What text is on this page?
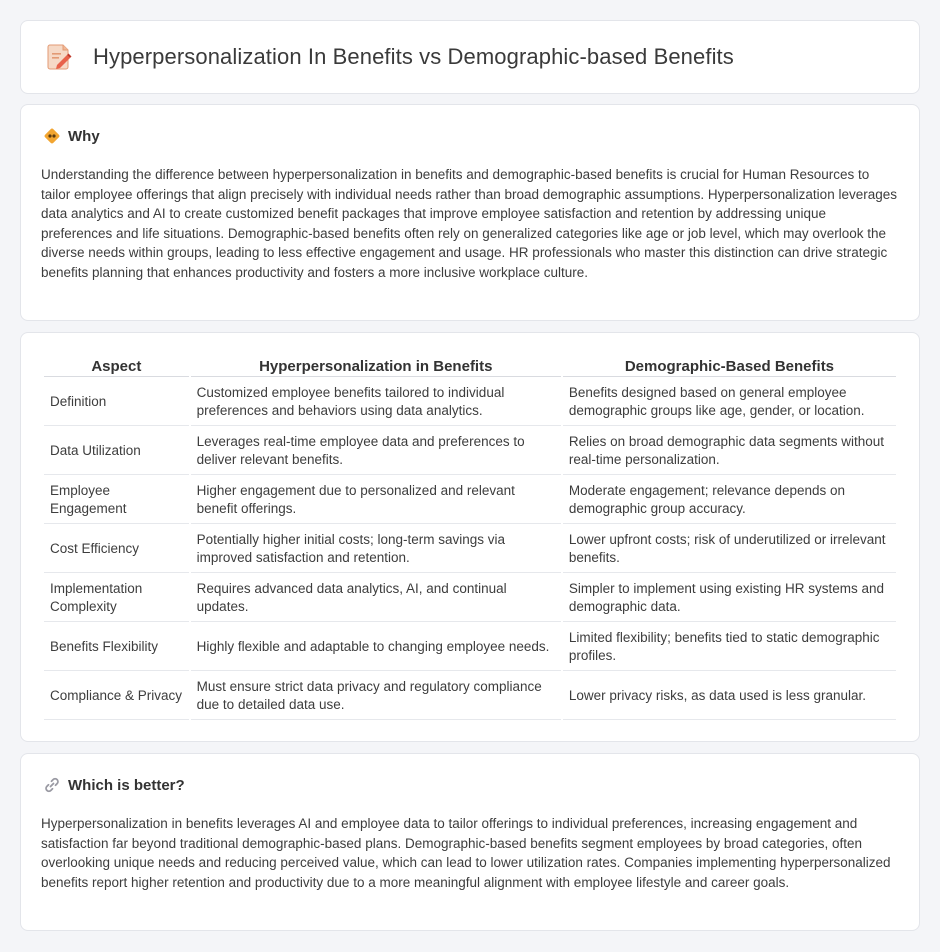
Hyperpersonalization In Benefits vs Demographic-based Benefits
Why

Understanding the difference between hyperpersonalization in benefits and demographic-based benefits is crucial for Human Resources to tailor employee offerings that align precisely with individual needs rather than broad demographic assumptions. Hyperpersonalization leverages data analytics and AI to create customized benefit packages that improve employee satisfaction and retention by addressing unique preferences and life situations. Demographic-based benefits often rely on generalized categories like age or job level, which may overlook the diverse needs within groups, leading to less effective engagement and usage. HR professionals who master this distinction can drive strategic benefits planning that enhances productivity and fosters a more inclusive workplace culture.

Aspect	Hyperpersonalization in Benefits	Demographic-Based Benefits
Definition	Customized employee benefits tailored to individual preferences and behaviors using data analytics.	Benefits designed based on general employee demographic groups like age, gender, or location.
Data Utilization	Leverages real-time employee data and preferences to deliver relevant benefits.	Relies on broad demographic data segments without real-time personalization.
Employee Engagement	Higher engagement due to personalized and relevant benefit offerings.	Moderate engagement; relevance depends on demographic group accuracy.
Cost Efficiency	Potentially higher initial costs; long-term savings via improved satisfaction and retention.	Lower upfront costs; risk of underutilized or irrelevant benefits.
Implementation Complexity	Requires advanced data analytics, AI, and continual updates.	Simpler to implement using existing HR systems and demographic data.
Benefits Flexibility	Highly flexible and adaptable to changing employee needs.	Limited flexibility; benefits tied to static demographic profiles.
Compliance & Privacy	Must ensure strict data privacy and regulatory compliance due to detailed data use.	Lower privacy risks, as data used is less granular.
Which is better?

Hyperpersonalization in benefits leverages AI and employee data to tailor offerings to individual preferences, increasing engagement and satisfaction far beyond traditional demographic-based plans. Demographic-based benefits segment employees by broad categories, often overlooking unique needs and reducing perceived value, which can lead to lower utilization rates. Companies implementing hyperpersonalized benefits report higher retention and productivity due to a more meaningful alignment with employee lifestyle and career goals.
